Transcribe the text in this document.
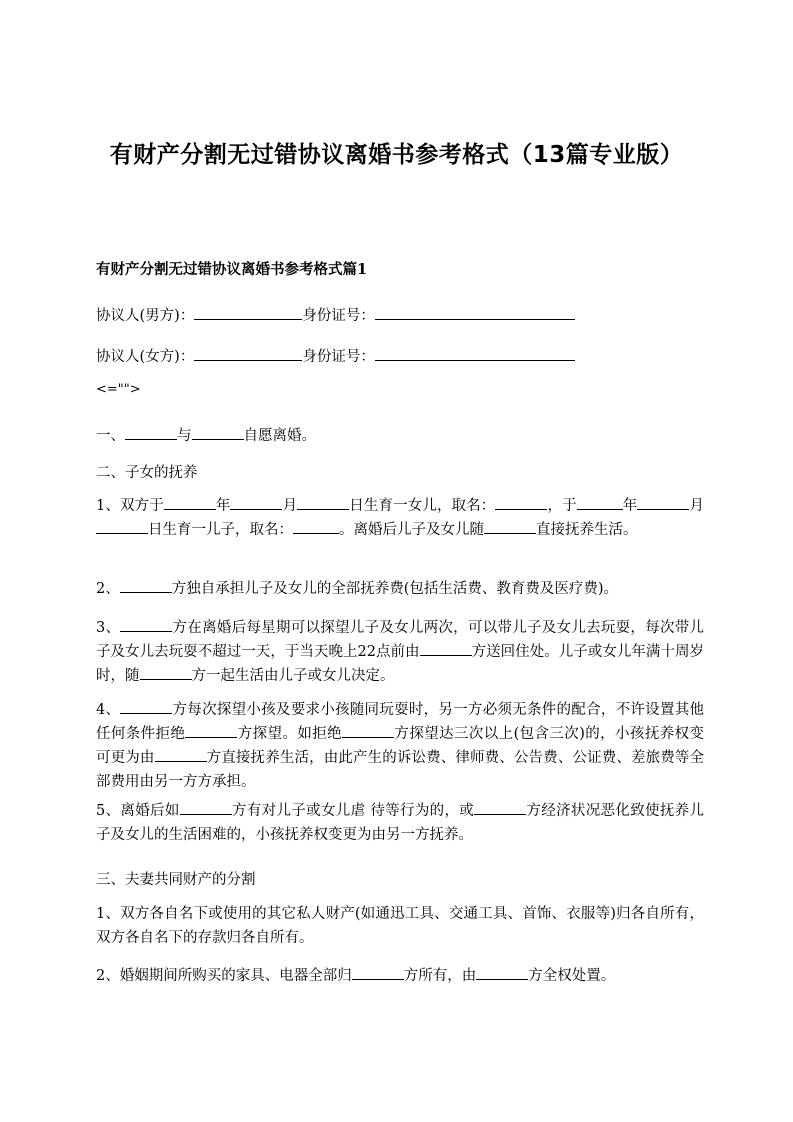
有财产分割无过错协议离婚书参考格式（13篇专业版）
有财产分割无过错协议离婚书参考格式篇1
协议人(男方)：	身份证号：
协议人(女方)：	身份证号：
<="">
一、	与	自愿离婚。
二、子女的抚养
1、双方于	年	月	日生育一女儿，取名：	，于	年	月日生育一儿子，取名：	。离婚后儿子及女儿随	直接抚养生活。
2、	方独自承担儿子及女儿的全部抚养费(包括生活费、教育费及医疗费)。
3、	方在离婚后每星期可以探望儿子及女儿两次，可以带儿子及女儿去玩耍，每次带儿子及女儿去玩耍不超过一天，于当天晚上22点前由	方送回住处。儿子或女儿年满十周岁时，随	方一起生活由儿子或女儿决定。
4、	方每次探望小孩及要求小孩随同玩耍时，另一方必须无条件的配合，不许设置其他任何条件拒绝	方探望。如拒绝	方探望达三次以上(包含三次)的，小孩抚养权变可更为由	方直接抚养生活，由此产生的诉讼费、律师费、公告费、公证费、差旅费等全部费用由另一方方承担。
5、离婚后如	方有对儿子或女儿虐 待等行为的，或	方经济状况恶化致使抚养儿子及女儿的生活困难的，小孩抚养权变更为由另一方抚养。
三、夫妻共同财产的分割
1、双方各自名下或使用的其它私人财产(如通迅工具、交通工具、首饰、衣服等)归各自所有，双方各自名下的存款归各自所有。
2、婚姻期间所购买的家具、电器全部归	方所有，由	方全权处置。
